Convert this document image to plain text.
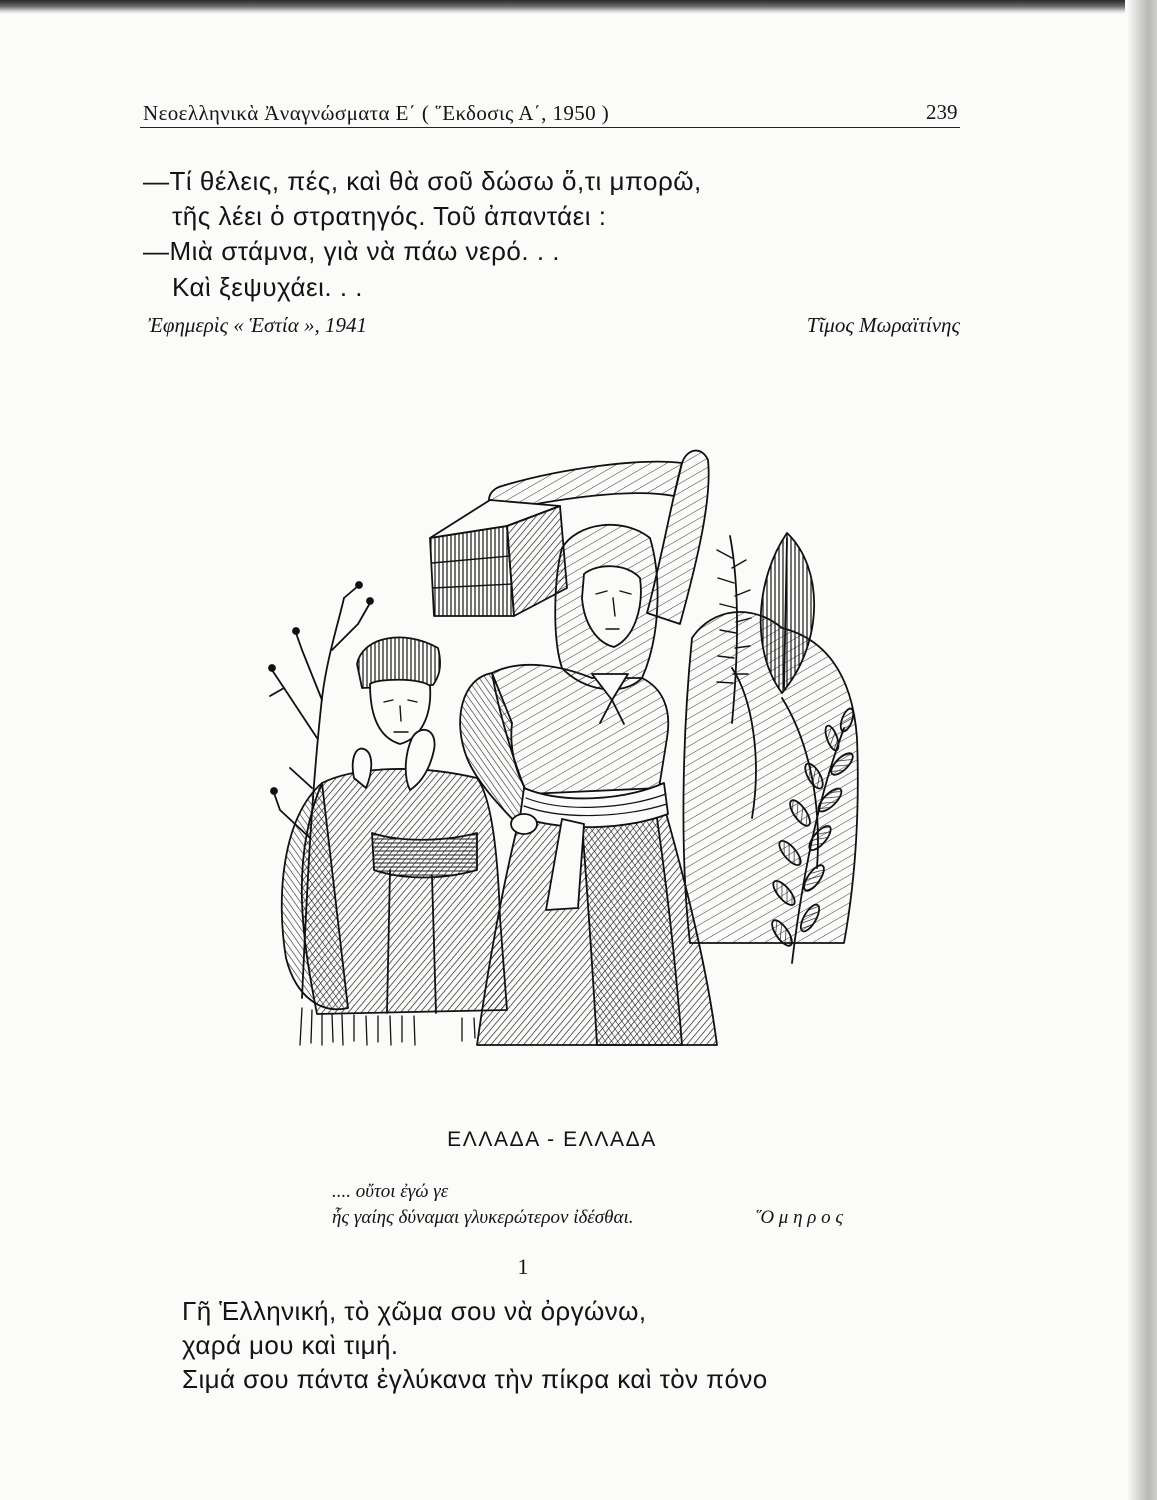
Νεοελληνικὰ Ἀναγνώσματα Ε΄ ( ῞Εκδοσις Α΄, 1950 )	239
—Τί θέλεις, πές, καὶ θὰ σοῦ δώσω ὅ,τι μπορῶ,
τῆς λέει ὁ στρατηγός. Τοῦ ἀπαντάει :
—Μιὰ στάμνα, γιὰ νὰ πάω νερό. . .
Καὶ ξεψυχάει. . .
Ἐφημερὶς « Ἑστία », 1941	Τῖμος Μωραϊτίνης
ΕΛΛΑΔΑ - ΕΛΛΑΔΑ
.... οὔτοι ἐγώ γε
ἧς γαίης δύναμαι γλυκερώτερον ἰδέσθαι.	῞Ο μ η ρ ο ς
1
Γῆ Ἑλληνική, τὸ χῶμα σου νὰ ὀργώνω,
χαρά μου καὶ τιμή.
Σιμά σου πάντα ἐγλύκανα τὴν πίκρα καὶ τὸν πόνο
